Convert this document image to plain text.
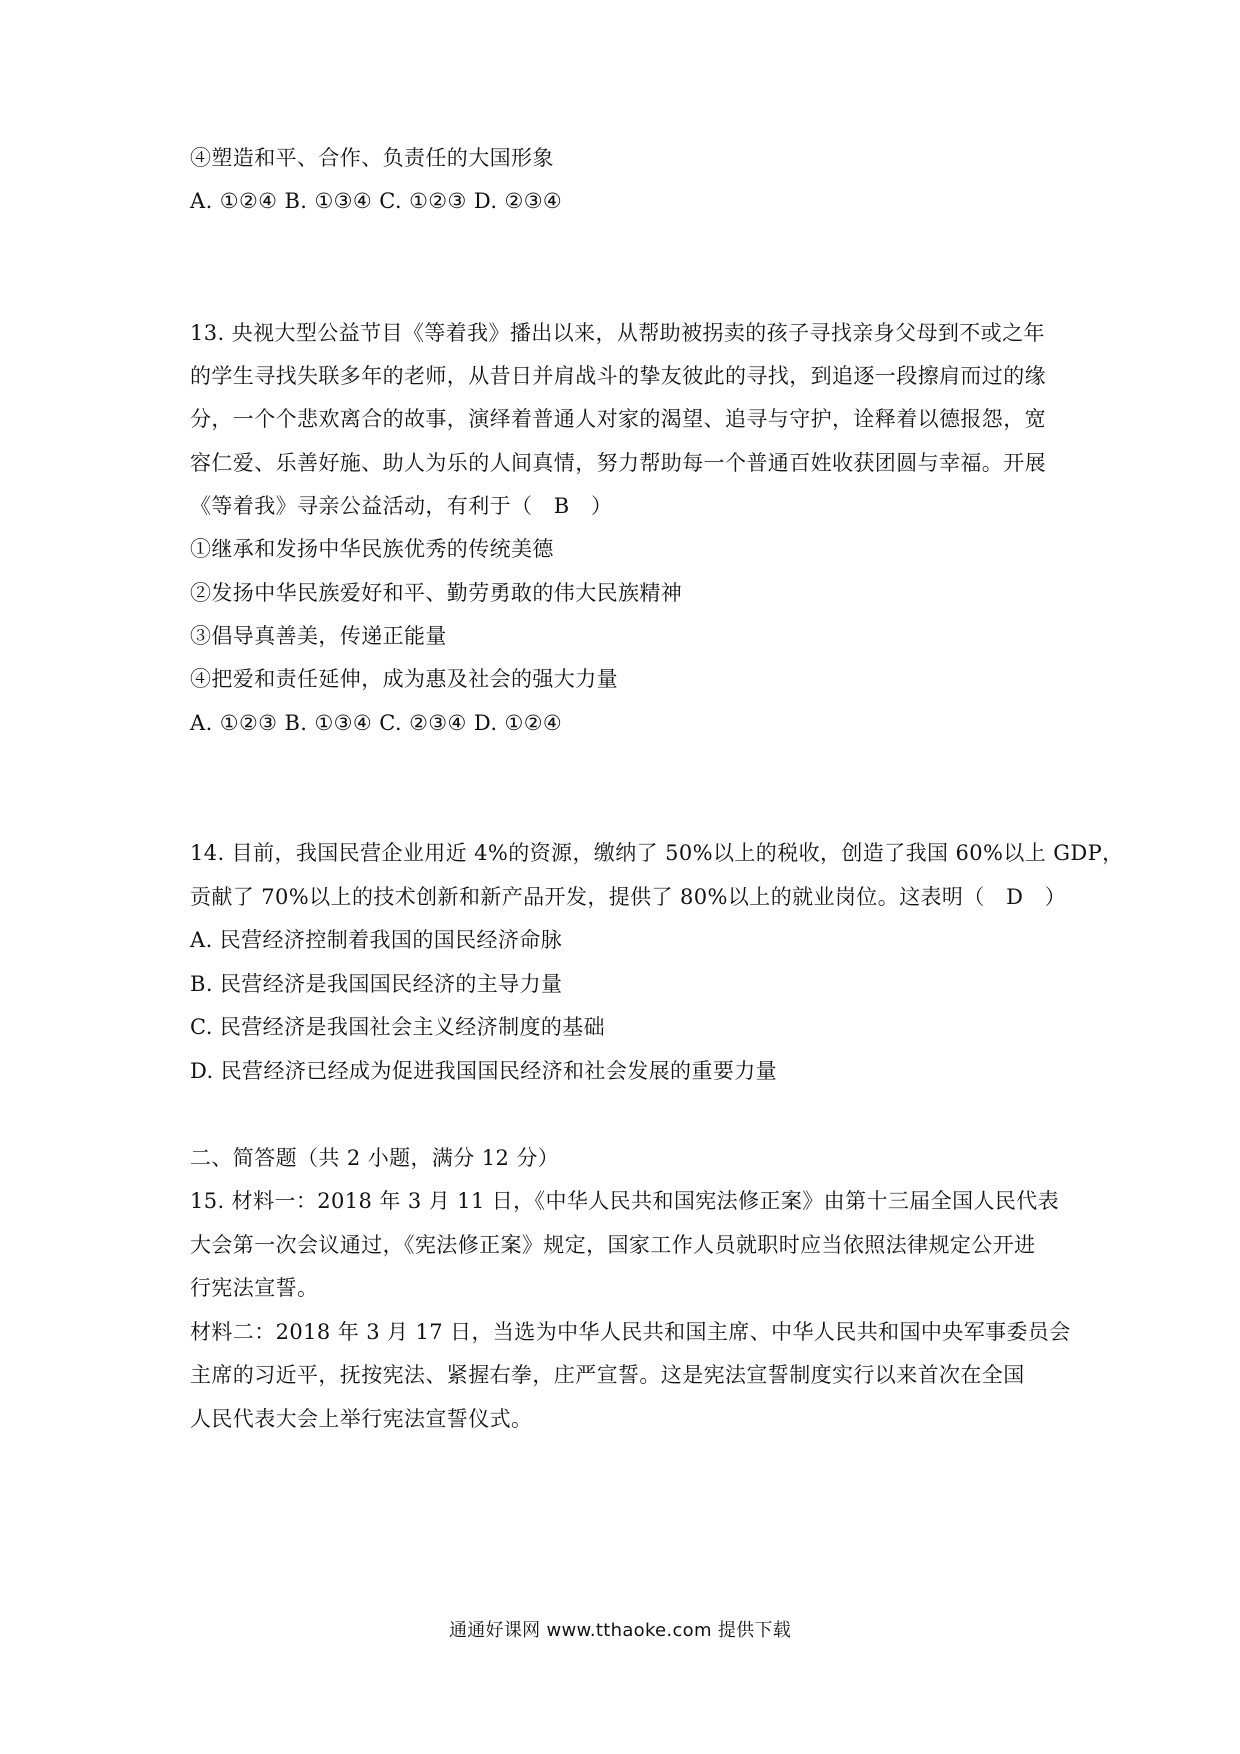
④塑造和平、合作、负责任的大国形象
A. ①②④ B. ①③④ C. ①②③ D. ②③④
13. 央视大型公益节目《等着我》播出以来，从帮助被拐卖的孩子寻找亲身父母到不或之年
的学生寻找失联多年的老师，从昔日并肩战斗的挚友彼此的寻找，到追逐一段擦肩而过的缘
分，一个个悲欢离合的故事，演绎着普通人对家的渴望、追寻与守护，诠释着以德报怨，宽
容仁爱、乐善好施、助人为乐的人间真情，努力帮助每一个普通百姓收获团圆与幸福。开展
《等着我》寻亲公益活动，有利于（　B　）
①继承和发扬中华民族优秀的传统美德
②发扬中华民族爱好和平、勤劳勇敢的伟大民族精神
③倡导真善美，传递正能量
④把爱和责任延伸，成为惠及社会的强大力量
A. ①②③ B. ①③④ C. ②③④ D. ①②④
14. 目前，我国民营企业用近 4%的资源，缴纳了 50%以上的税收，创造了我国 60%以上 GDP，
贡献了 70%以上的技术创新和新产品开发，提供了 80%以上的就业岗位。这表明（　D　）
A. 民营经济控制着我国的国民经济命脉
B. 民营经济是我国国民经济的主导力量
C. 民营经济是我国社会主义经济制度的基础
D. 民营经济已经成为促进我国国民经济和社会发展的重要力量
二、简答题（共 2 小题，满分 12 分）
15. 材料一：2018 年 3 月 11 日，《中华人民共和国宪法修正案》由第十三届全国人民代表
大会第一次会议通过，《宪法修正案》规定，国家工作人员就职时应当依照法律规定公开进
行宪法宣誓。
材料二：2018 年 3 月 17 日，当选为中华人民共和国主席、中华人民共和国中央军事委员会
主席的习近平，抚按宪法、紧握右拳，庄严宣誓。这是宪法宣誓制度实行以来首次在全国
人民代表大会上举行宪法宣誓仪式。
通通好课网 www.tthaoke.com 提供下载
